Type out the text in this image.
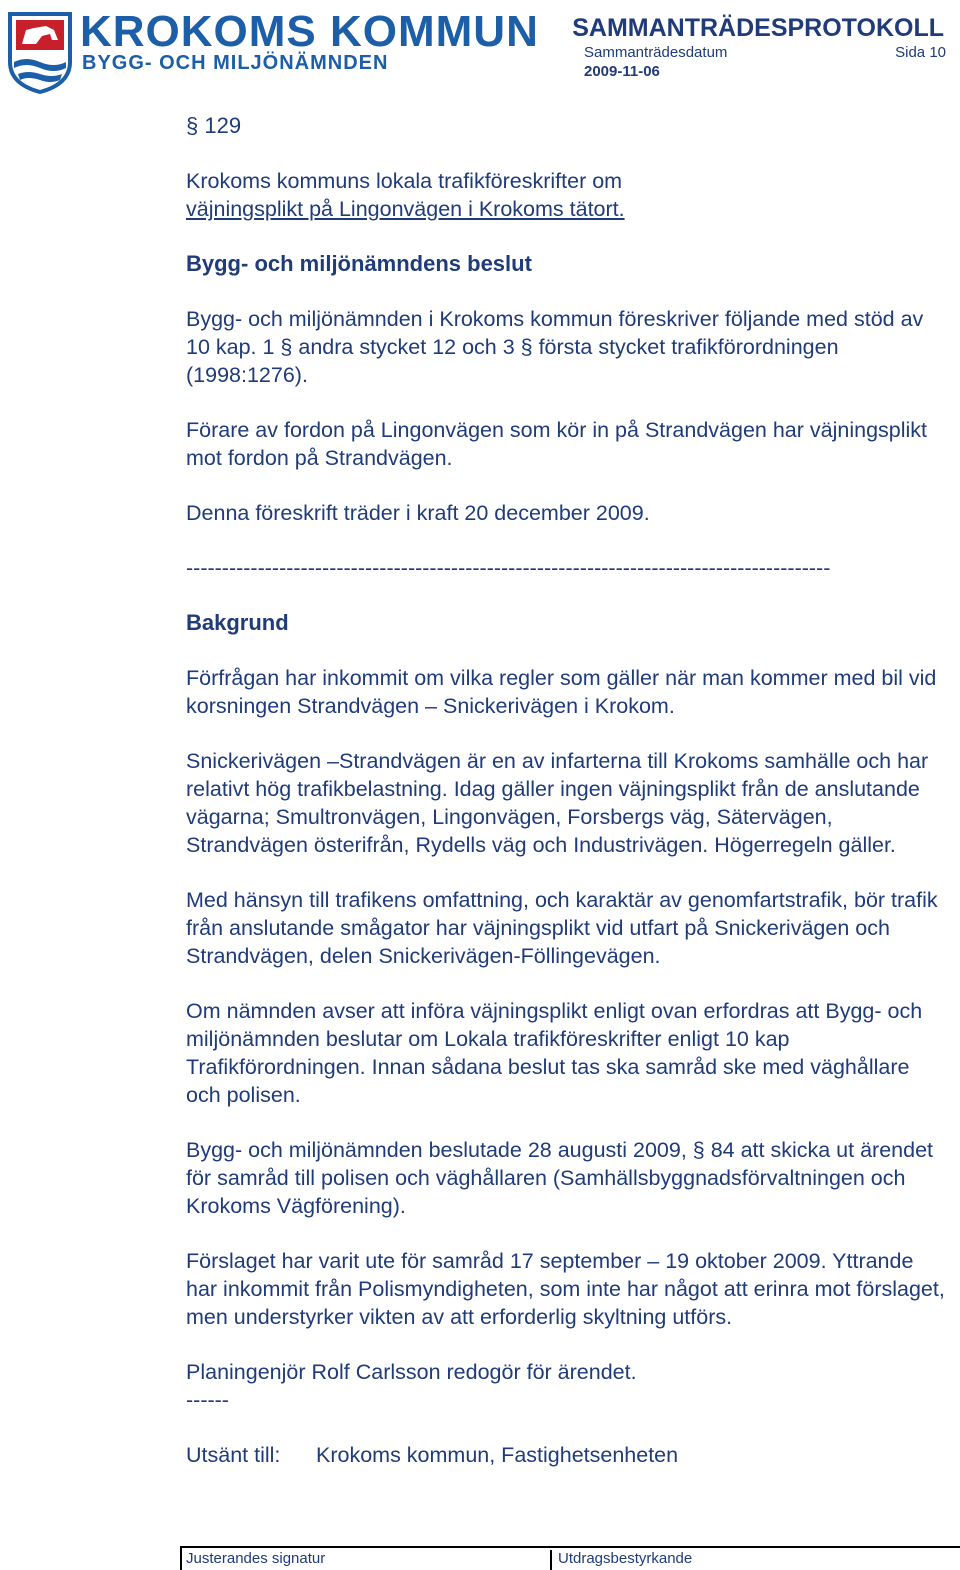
KROKOMS KOMMUN
BYGG- OCH MILJÖNÄMNDEN
SAMMANTRÄDESPROTOKOLL
Sammanträdesdatum	Sida 10
2009-11-06
§ 129

Krokoms kommuns lokala trafikföreskrifter om
väjningsplikt på Lingonvägen i Krokoms tätort.

Bygg- och miljönämndens beslut

Bygg- och miljönämnden i Krokoms kommun föreskriver följande med stöd av 10 kap. 1 § andra stycket 12 och 3 § första stycket trafikförordningen (1998:1276).

Förare av fordon på Lingonvägen som kör in på Strandvägen har väjningsplikt mot fordon på Strandvägen.

Denna föreskrift träder i kraft 20 december 2009.

------------------------------------------------------------------------------------------

Bakgrund

Förfrågan har inkommit om vilka regler som gäller när man kommer med bil vid korsningen Strandvägen – Snickerivägen i Krokom.

Snickerivägen –Strandvägen är en av infarterna till Krokoms samhälle och har relativt hög trafikbelastning. Idag gäller ingen väjningsplikt från de anslutande vägarna; Smultronvägen, Lingonvägen, Forsbergs väg, Sätervägen, Strandvägen österifrån, Rydells väg och Industrivägen. Högerregeln gäller.

Med hänsyn till trafikens omfattning, och karaktär av genomfartstrafik, bör trafik från anslutande smågator har väjningsplikt vid utfart på Snickerivägen och Strandvägen, delen Snickerivägen-Föllingevägen.

Om nämnden avser att införa väjningsplikt enligt ovan erfordras att Bygg- och miljönämnden beslutar om Lokala trafikföreskrifter enligt 10 kap Trafikförordningen. Innan sådana beslut tas ska samråd ske med väghållare och polisen.

Bygg- och miljönämnden beslutade 28 augusti 2009, § 84 att skicka ut ärendet för samråd till polisen och väghållaren (Samhällsbyggnadsförvaltningen och Krokoms Vägförening).

Förslaget har varit ute för samråd 17 september – 19 oktober 2009. Yttrande har inkommit från Polismyndigheten, som inte har något att erinra mot förslaget, men understyrker vikten av att erforderlig skyltning utförs.

Planingenjör Rolf Carlsson redogör för ärendet.

------

Utsänt till:	Krokoms kommun, Fastighetsenheten
Justerandes signatur	Utdragsbestyrkande
